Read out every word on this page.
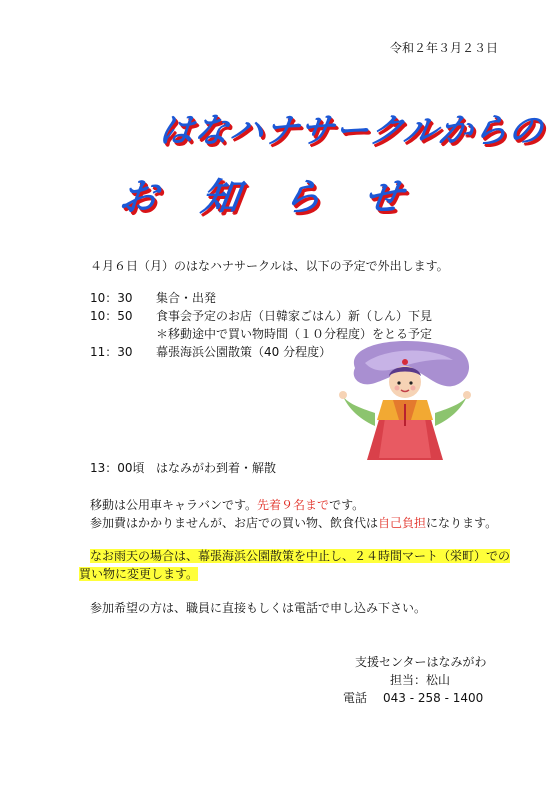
令和２年３月２３日
はなハナサークルからの
お知らせ
４月６日（月）のはなハナサークルは、以下の予定で外出します。
10：30 集合・出発
10：50 食事会予定のお店（日韓家ごはん）新（しん）下見
＊移動途中で買い物時間（１０分程度）をとる予定
11：30 幕張海浜公園散策（40 分程度）
13：00頃 はなみがわ到着・解散
移動は公用車キャラバンです。先着９名までです。
参加費はかかりませんが、お店での買い物、飲食代は自己負担になります。
なお雨天の場合は、幕張海浜公園散策を中止し、２４時間マート（栄町）での
買い物に変更します。
参加希望の方は、職員に直接もしくは電話で申し込み下さい。
支援センターはなみがわ
担当：松山
電話 043 - 258 - 1400
